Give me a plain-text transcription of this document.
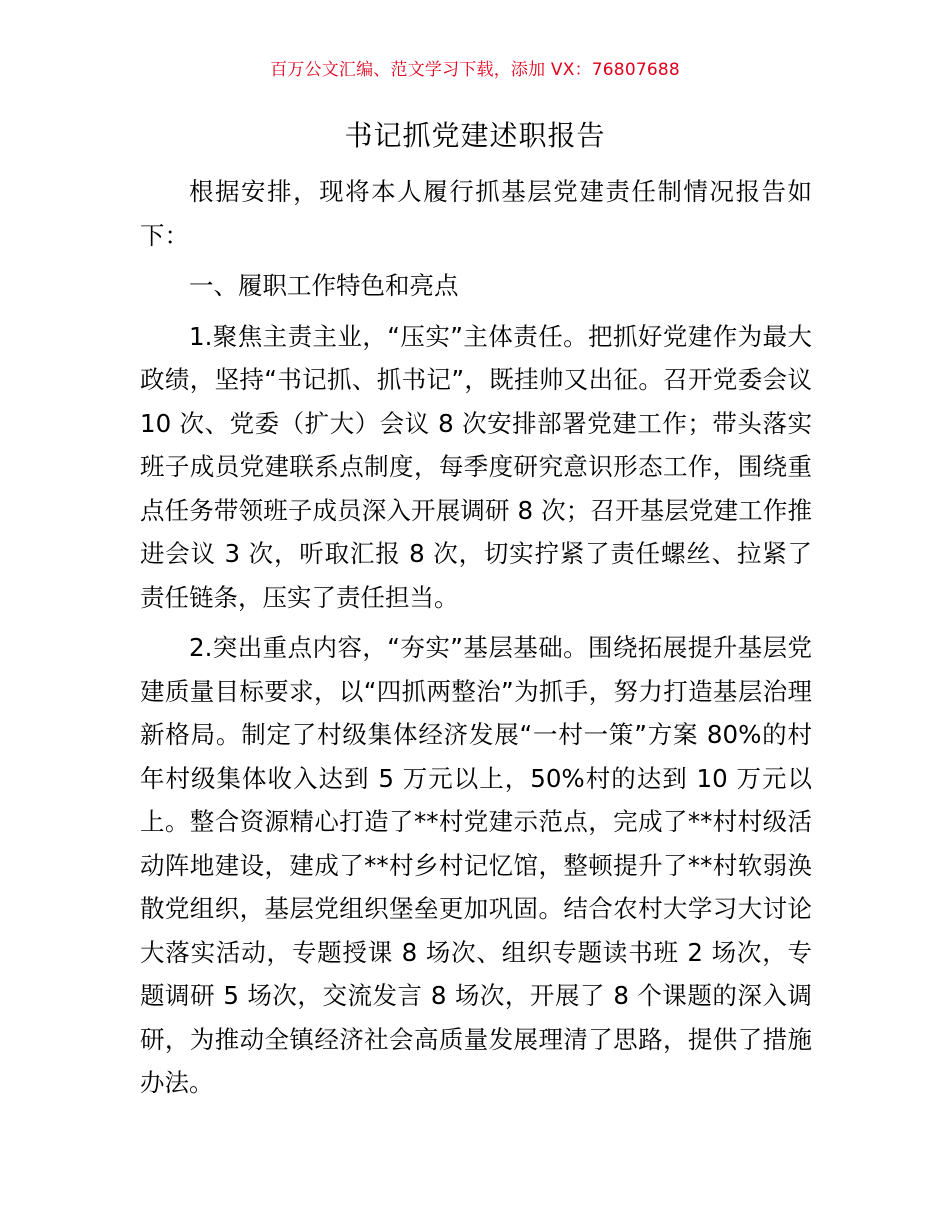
百万公文汇编、范文学习下载，添加 VX：76807688
书记抓党建述职报告

根据安排，现将本人履行抓基层党建责任制情况报告如下：

一、履职工作特色和亮点

1.聚焦主责主业，“压实”主体责任。把抓好党建作为最大政绩，坚持“书记抓、抓书记”，既挂帅又出征。召开党委会议 10 次、党委（扩大）会议 8 次安排部署党建工作；带头落实班子成员党建联系点制度，每季度研究意识形态工作，围绕重点任务带领班子成员深入开展调研 8 次；召开基层党建工作推进会议 3 次，听取汇报 8 次，切实拧紧了责任螺丝、拉紧了责任链条，压实了责任担当。

2.突出重点内容，“夯实”基层基础。围绕拓展提升基层党建质量目标要求，以“四抓两整治”为抓手，努力打造基层治理新格局。制定了村级集体经济发展“一村一策”方案 80%的村年村级集体收入达到 5 万元以上，50%村的达到 10 万元以上。整合资源精心打造了**村党建示范点，完成了**村村级活动阵地建设，建成了**村乡村记忆馆，整顿提升了**村软弱涣散党组织，基层党组织堡垒更加巩固。结合农村大学习大讨论大落实活动，专题授课 8 场次、组织专题读书班 2 场次，专题调研 5 场次，交流发言 8 场次，开展了 8 个课题的深入调研，为推动全镇经济社会高质量发展理清了思路，提供了措施办法。
